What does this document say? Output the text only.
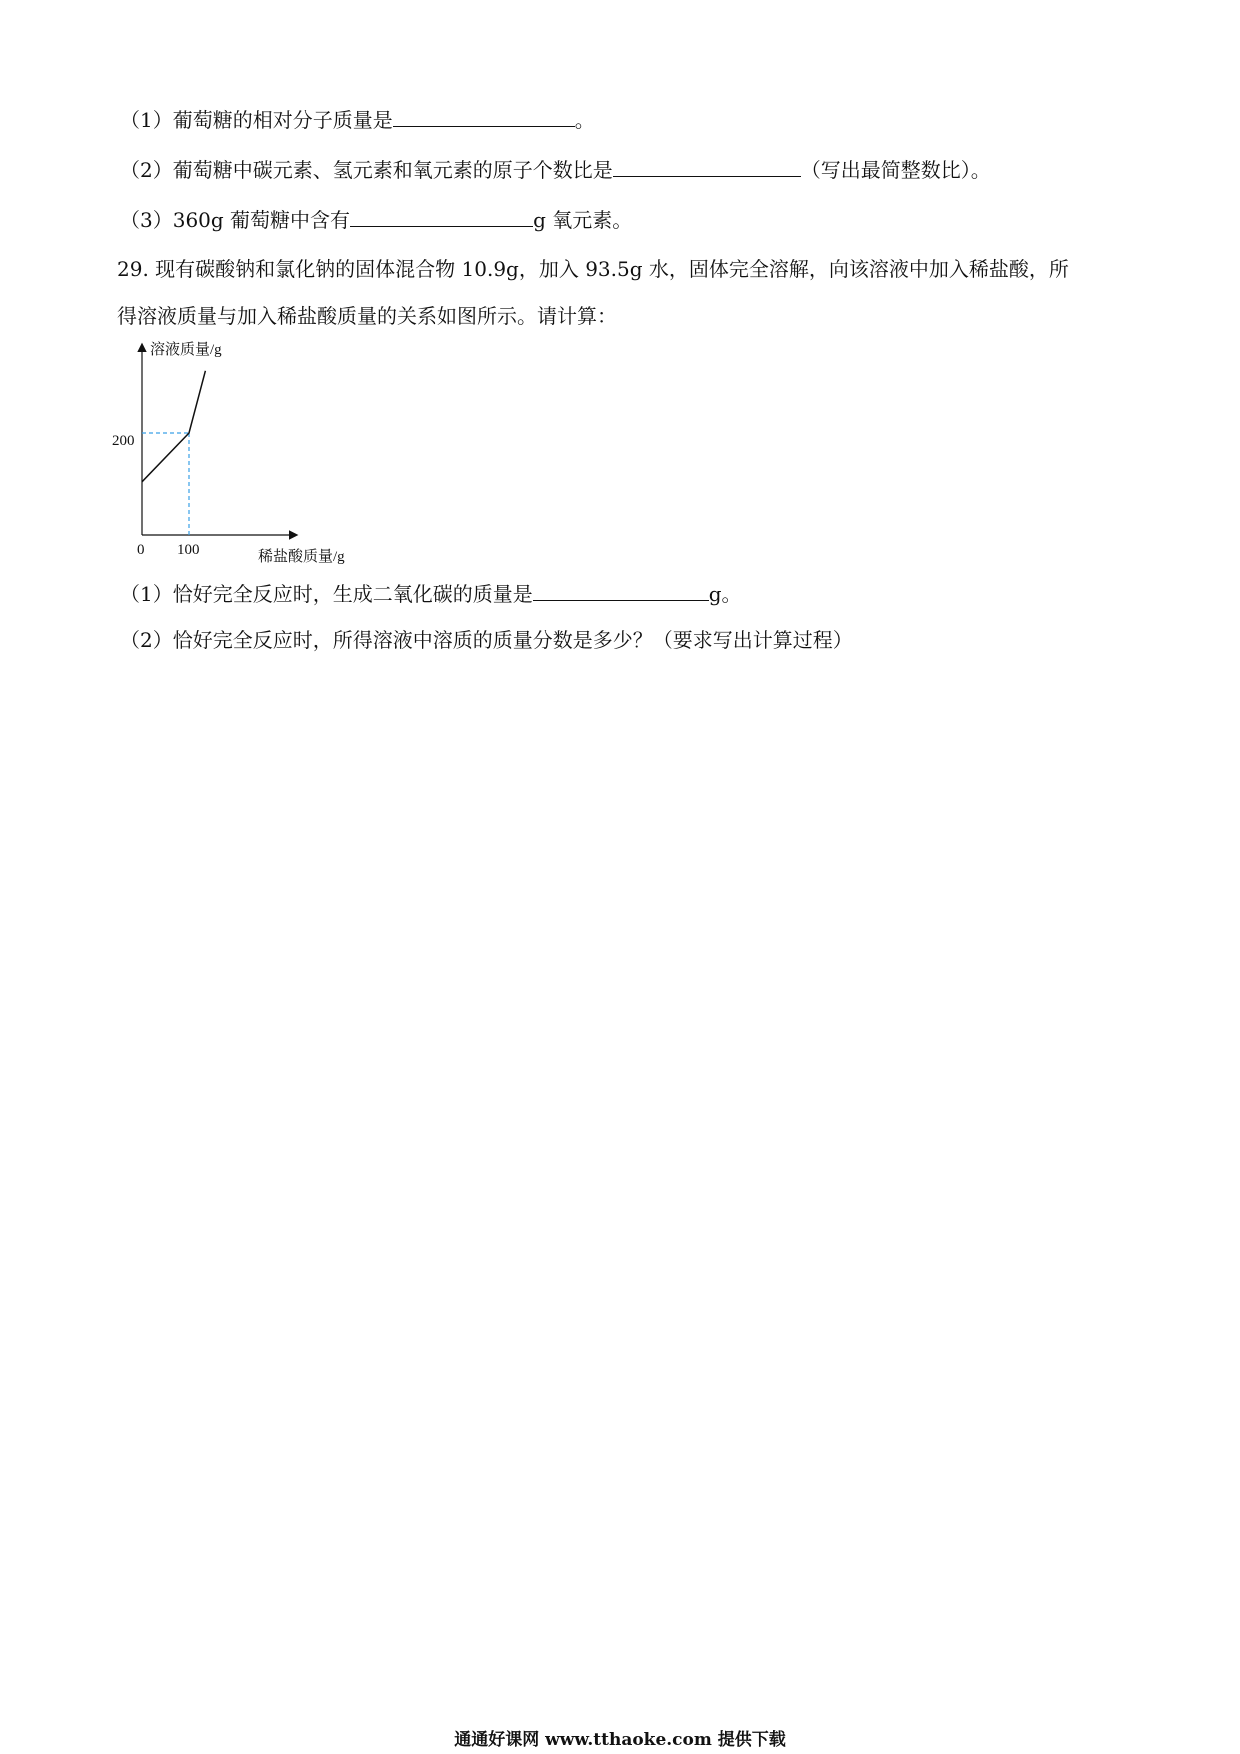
（1）葡萄糖的相对分子质量是	。
（2）葡萄糖中碳元素、氢元素和氧元素的原子个数比是	（写出最简整数比）。
（3）360g 葡萄糖中含有	g 氧元素。
29. 现有碳酸钠和氯化钠的固体混合物 10.9g，加入 93.5g 水，固体完全溶解，向该溶液中加入稀盐酸，所
得溶液质量与加入稀盐酸质量的关系如图所示。请计算：
溶液质量/g
稀盐酸质量/g
0 100
200
（1）恰好完全反应时，生成二氧化碳的质量是	g。
（2）恰好完全反应时，所得溶液中溶质的质量分数是多少？（要求写出计算过程）
通通好课网 www.tthaoke.com 提供下载
